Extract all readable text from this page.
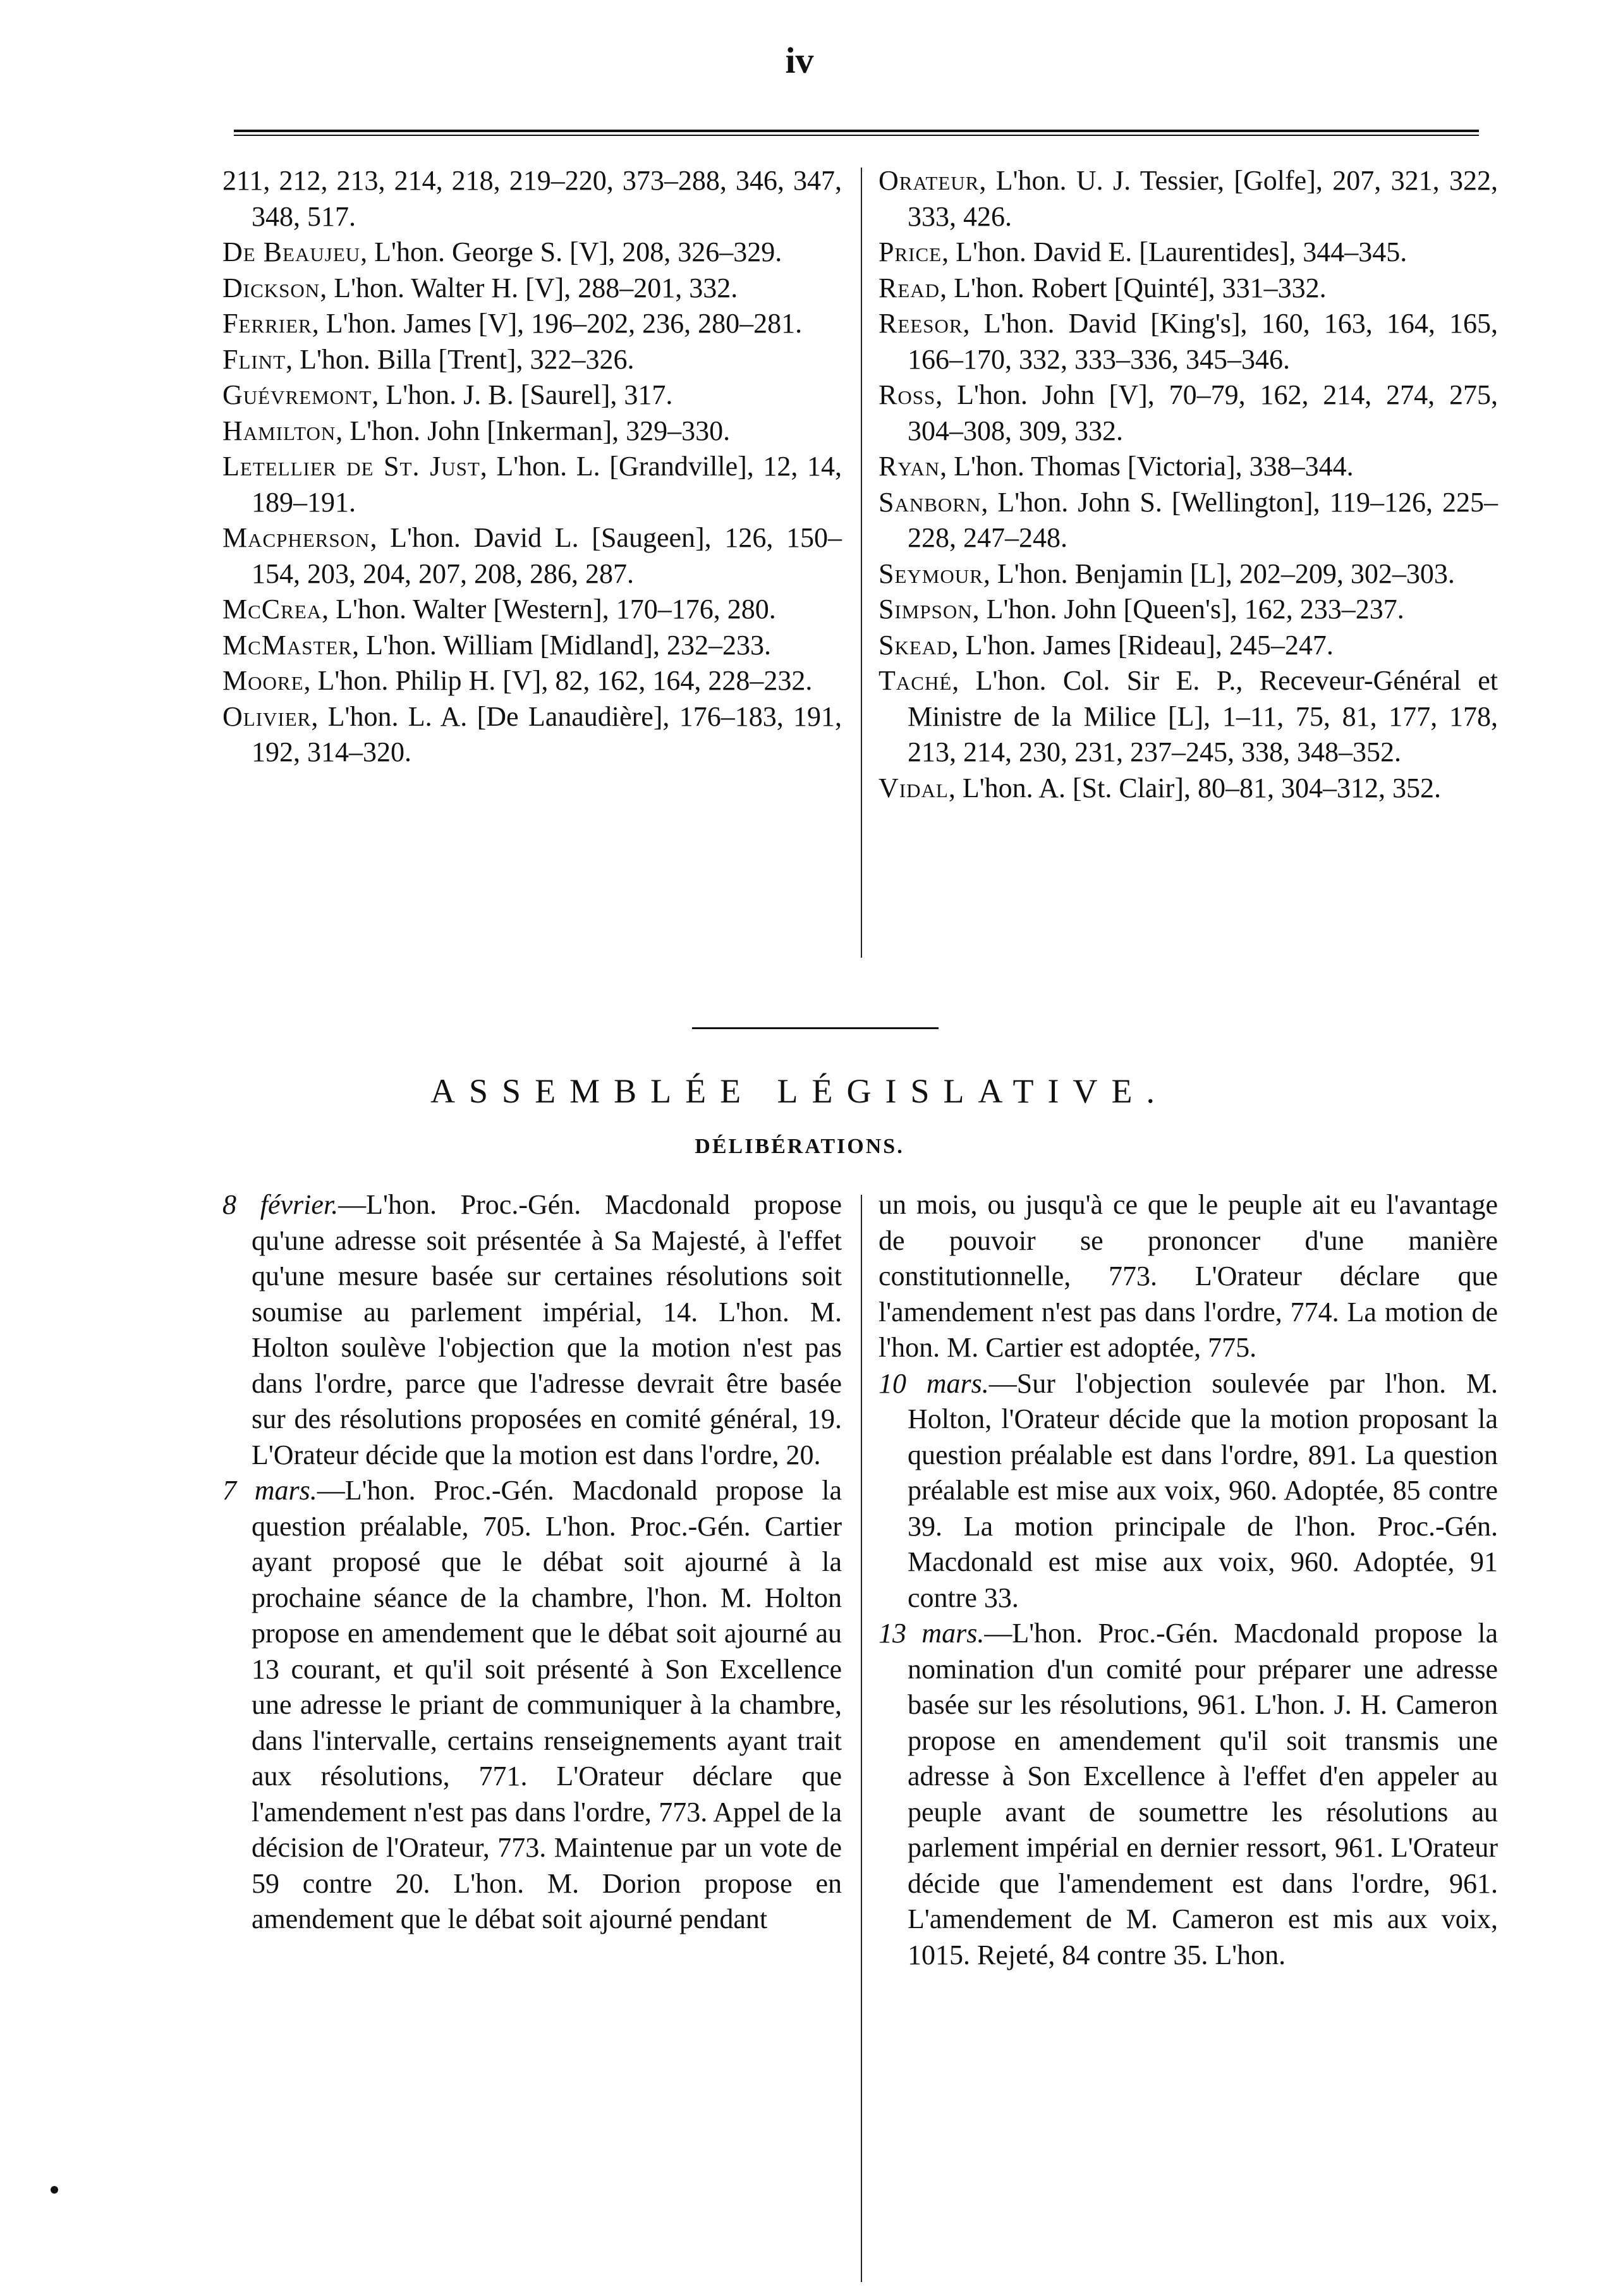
iv

211, 212, 213, 214, 218, 219–220, 373–288, 346, 347, 348, 517.

De Beaujeu, L'hon. George S. [V], 208, 326–329.

Dickson, L'hon. Walter H. [V], 288–201, 332.

Ferrier, L'hon. James [V], 196–202, 236, 280–281.

Flint, L'hon. Billa [Trent], 322–326.

Guévremont, L'hon. J. B. [Saurel], 317.

Hamilton, L'hon. John [Inkerman], 329–330.

Letellier de St. Just, L'hon. L. [Grandville], 12, 14, 189–191.

Macpherson, L'hon. David L. [Saugeen], 126, 150–154, 203, 204, 207, 208, 286, 287.

McCrea, L'hon. Walter [Western], 170–176, 280.

McMaster, L'hon. William [Midland], 232–233.

Moore, L'hon. Philip H. [V], 82, 162, 164, 228–232.

Olivier, L'hon. L. A. [De Lanaudière], 176–183, 191, 192, 314–320.

Orateur, L'hon. U. J. Tessier, [Golfe], 207, 321, 322, 333, 426.

Price, L'hon. David E. [Laurentides], 344–345.

Read, L'hon. Robert [Quinté], 331–332.

Reesor, L'hon. David [King's], 160, 163, 164, 165, 166–170, 332, 333–336, 345–346.

Ross, L'hon. John [V], 70–79, 162, 214, 274, 275, 304–308, 309, 332.

Ryan, L'hon. Thomas [Victoria], 338–344.

Sanborn, L'hon. John S. [Wellington], 119–126, 225–228, 247–248.

Seymour, L'hon. Benjamin [L], 202–209, 302–303.

Simpson, L'hon. John [Queen's], 162, 233–237.

Skead, L'hon. James [Rideau], 245–247.

Taché, L'hon. Col. Sir E. P., Receveur-Général et Ministre de la Milice [L], 1–11, 75, 81, 177, 178, 213, 214, 230, 231, 237–245, 338, 348–352.

Vidal, L'hon. A. [St. Clair], 80–81, 304–312, 352.

ASSEMBLÉE LÉGISLATIVE.
DÉLIBÉRATIONS.

8 février.—L'hon. Proc.-Gén. Macdonald propose qu'une adresse soit présentée à Sa Majesté, à l'effet qu'une mesure basée sur certaines résolutions soit soumise au parlement impérial, 14. L'hon. M. Holton soulève l'objection que la motion n'est pas dans l'ordre, parce que l'adresse devrait être basée sur des résolutions proposées en comité général, 19. L'Orateur décide que la motion est dans l'ordre, 20.

7 mars.—L'hon. Proc.-Gén. Macdonald propose la question préalable, 705. L'hon. Proc.-Gén. Cartier ayant proposé que le débat soit ajourné à la prochaine séance de la chambre, l'hon. M. Holton propose en amendement que le débat soit ajourné au 13 courant, et qu'il soit présenté à Son Excellence une adresse le priant de communiquer à la chambre, dans l'intervalle, certains renseignements ayant trait aux résolutions, 771. L'Orateur déclare que l'amendement n'est pas dans l'ordre, 773. Appel de la décision de l'Orateur, 773. Maintenue par un vote de 59 contre 20. L'hon. M. Dorion propose en amendement que le débat soit ajourné pendant

un mois, ou jusqu'à ce que le peuple ait eu l'avantage de pouvoir se prononcer d'une manière constitutionnelle, 773. L'Orateur déclare que l'amendement n'est pas dans l'ordre, 774. La motion de l'hon. M. Cartier est adoptée, 775.

10 mars.—Sur l'objection soulevée par l'hon. M. Holton, l'Orateur décide que la motion proposant la question préalable est dans l'ordre, 891. La question préalable est mise aux voix, 960. Adoptée, 85 contre 39. La motion principale de l'hon. Proc.-Gén. Macdonald est mise aux voix, 960. Adoptée, 91 contre 33.

13 mars.—L'hon. Proc.-Gén. Macdonald propose la nomination d'un comité pour préparer une adresse basée sur les résolutions, 961. L'hon. J. H. Cameron propose en amendement qu'il soit transmis une adresse à Son Excellence à l'effet d'en appeler au peuple avant de soumettre les résolutions au parlement impérial en dernier ressort, 961. L'Orateur décide que l'amendement est dans l'ordre, 961. L'amendement de M. Cameron est mis aux voix, 1015. Rejeté, 84 contre 35. L'hon.
